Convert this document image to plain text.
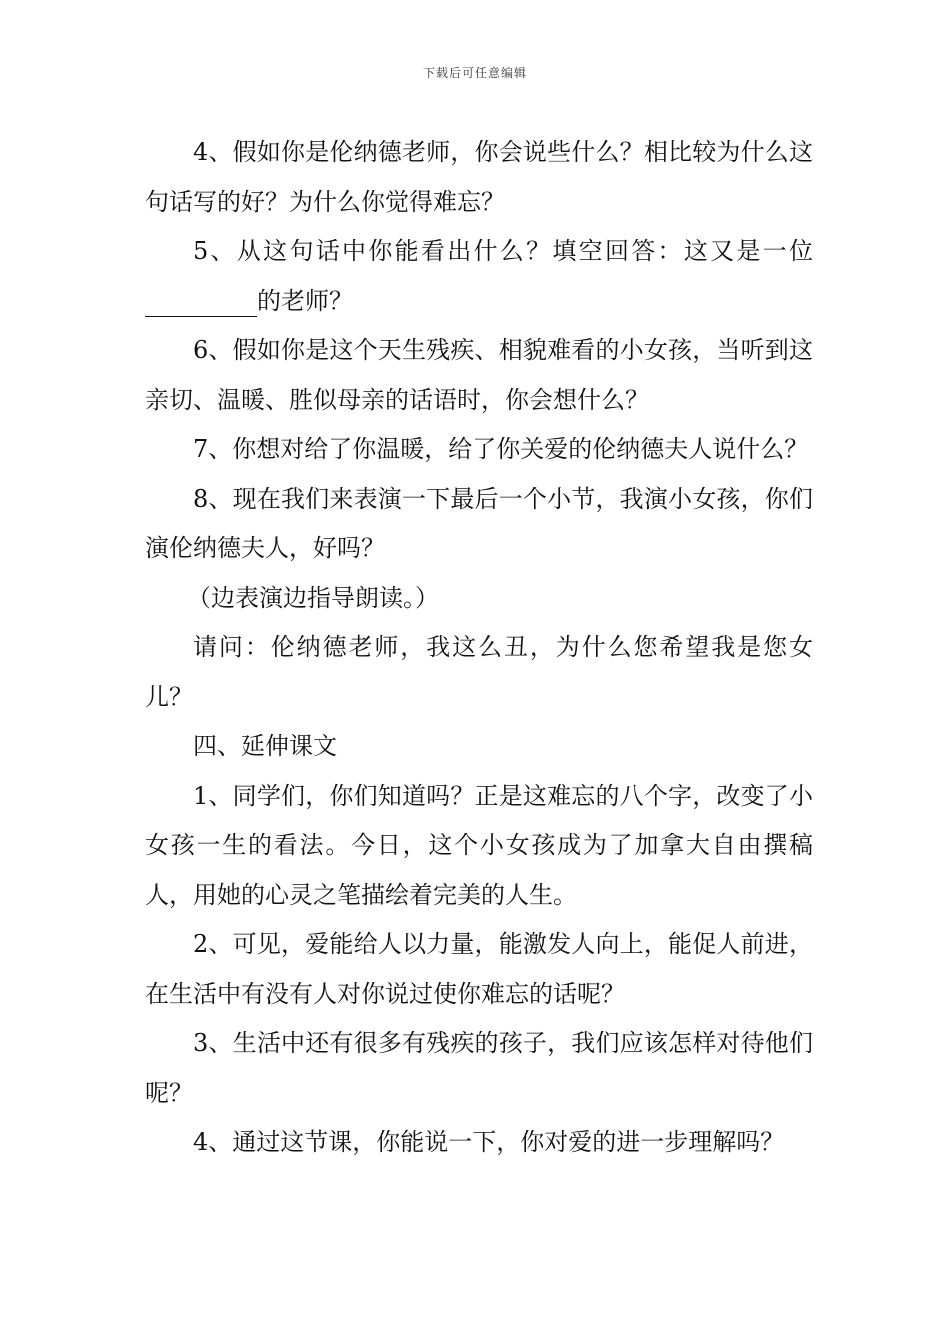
下载后可任意编辑

4、假如你是伦纳德老师，你会说些什么？相比较为什么这句话写的好？为什么你觉得难忘？

5、从这句话中你能看出什么？填空回答：这又是一位 的老师？

6、假如你是这个天生残疾、相貌难看的小女孩，当听到这亲切、温暖、胜似母亲的话语时，你会想什么？

7、你想对给了你温暖，给了你关爱的伦纳德夫人说什么？

8、现在我们来表演一下最后一个小节，我演小女孩，你们演伦纳德夫人，好吗？

（边表演边指导朗读。）

请问：伦纳德老师，我这么丑，为什么您希望我是您女儿？

四、延伸课文

1、同学们，你们知道吗？正是这难忘的八个字，改变了小女孩一生的看法。今日，这个小女孩成为了加拿大自由撰稿人，用她的心灵之笔描绘着完美的人生。

2、可见，爱能给人以力量，能激发人向上，能促人前进，在生活中有没有人对你说过使你难忘的话呢？

3、生活中还有很多有残疾的孩子，我们应该怎样对待他们呢？

4、通过这节课，你能说一下，你对爱的进一步理解吗？
